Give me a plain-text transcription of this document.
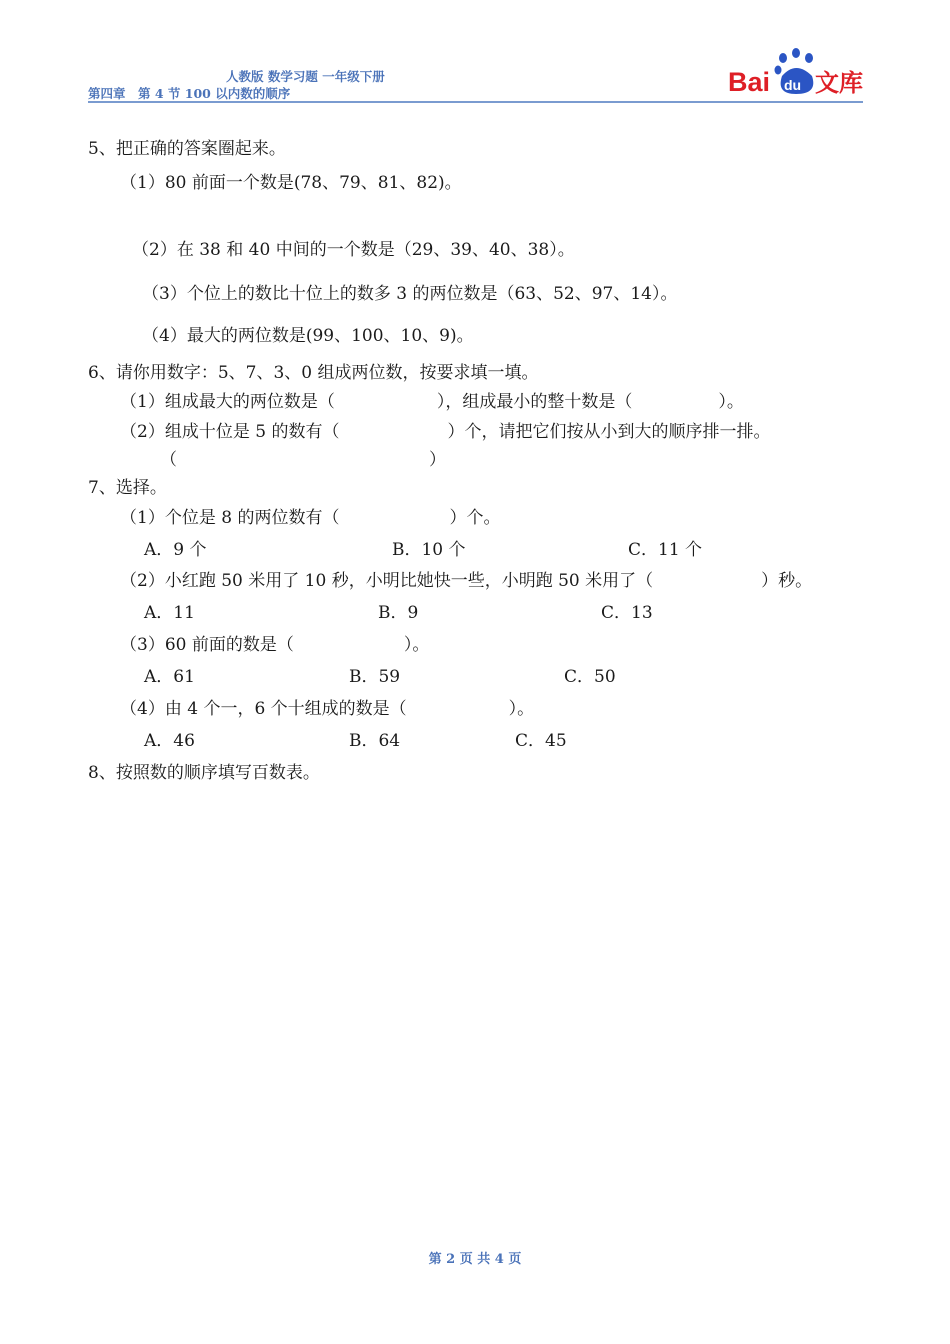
人教版 数学习题 一年级下册
第四章　第 4 节 100 以内数的顺序	Bai du 文库
5、把正确的答案圈起来。
（1）80 前面一个数是(78、79、81、82)。
（2）在 38 和 40 中间的一个数是（29、39、40、38）。
（3）个位上的数比十位上的数多 3 的两位数是（63、52、97、14）。
（4）最大的两位数是(99、100、10、9)。
6、请你用数字：5、7、3、0 组成两位数，按要求填一填。
（1）组成最大的两位数是（	），组成最小的整十数是（	）。
（2）组成十位是 5 的数有（	）个，请把它们按从小到大的顺序排一排。
（	）
7、选择。
（1）个位是 8 的两位数有（	）个。
A．9 个	B．10 个	C．11 个
（2）小红跑 50 米用了 10 秒，小明比她快一些，小明跑 50 米用了（	）秒。
A．11	B．9	C．13
（3）60 前面的数是（	）。
A．61	B．59	C．50
（4）由 4 个一，6 个十组成的数是（	）。
A．46	B．64	C．45
8、按照数的顺序填写百数表。
第 2 页 共 4 页
